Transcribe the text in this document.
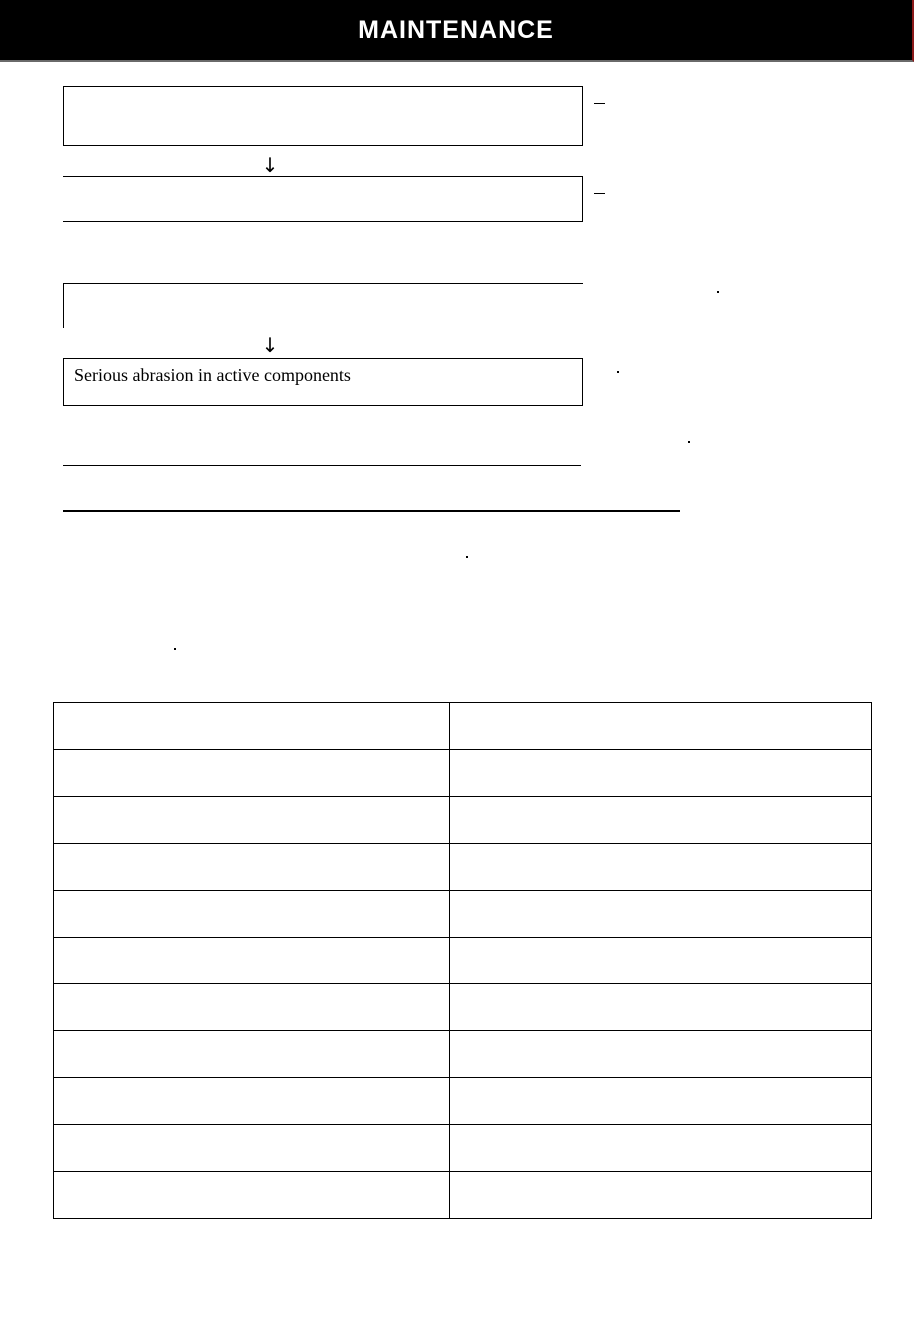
MAINTENANCE
↓
↓
Serious abrasion in active components
